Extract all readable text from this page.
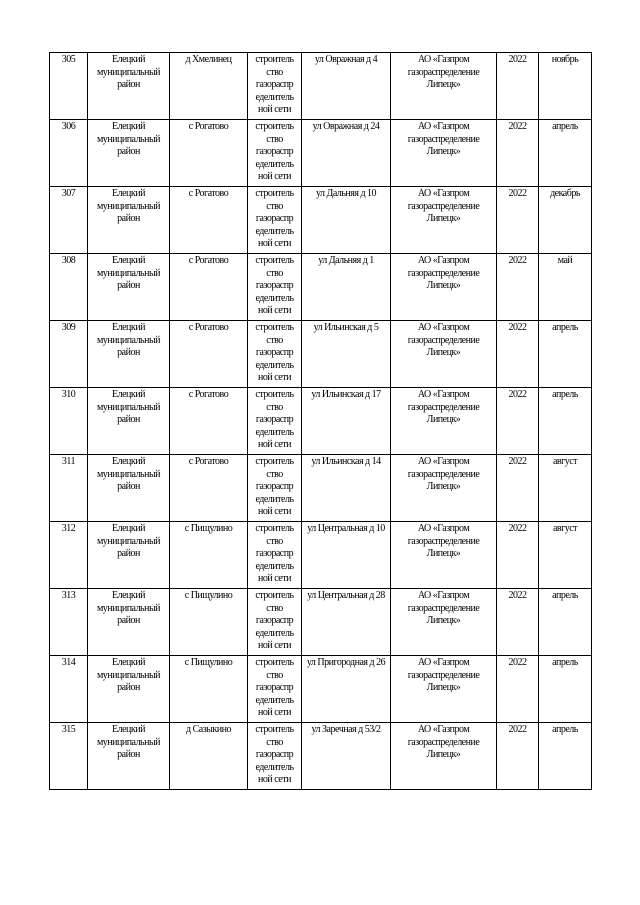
305	Елецкий муниципальный район	д Хмелинец	строитель ство газораспр еделитель ной сети	ул Овражная д 4	АО «Газпром газораспределение Липецк»	2022	ноябрь
306	Елецкий муниципальный район	с Рогатово	строитель ство газораспр еделитель ной сети	ул Овражная д 24	АО «Газпром газораспределение Липецк»	2022	апрель
307	Елецкий муниципальный район	с Рогатово	строитель ство газораспр еделитель ной сети	ул Дальняя д 10	АО «Газпром газораспределение Липецк»	2022	декабрь
308	Елецкий муниципальный район	с Рогатово	строитель ство газораспр еделитель ной сети	ул Дальняя д 1	АО «Газпром газораспределение Липецк»	2022	май
309	Елецкий муниципальный район	с Рогатово	строитель ство газораспр еделитель ной сети	ул Ильинская д 5	АО «Газпром газораспределение Липецк»	2022	апрель
310	Елецкий муниципальный район	с Рогатово	строитель ство газораспр еделитель ной сети	ул Ильинская д 17	АО «Газпром газораспределение Липецк»	2022	апрель
311	Елецкий муниципальный район	с Рогатово	строитель ство газораспр еделитель ной сети	ул Ильинская д 14	АО «Газпром газораспределение Липецк»	2022	август
312	Елецкий муниципальный район	с Пищулино	строитель ство газораспр еделитель ной сети	ул Центральная д 10	АО «Газпром газораспределение Липецк»	2022	август
313	Елецкий муниципальный район	с Пищулино	строитель ство газораспр еделитель ной сети	ул Центральная д 28	АО «Газпром газораспределение Липецк»	2022	апрель
314	Елецкий муниципальный район	с Пищулино	строитель ство газораспр еделитель ной сети	ул Пригородная д 26	АО «Газпром газораспределение Липецк»	2022	апрель
315	Елецкий муниципальный район	д Сазыкино	строитель ство газораспр еделитель ной сети	ул Заречная д 53/2	АО «Газпром газораспределение Липецк»	2022	апрель
